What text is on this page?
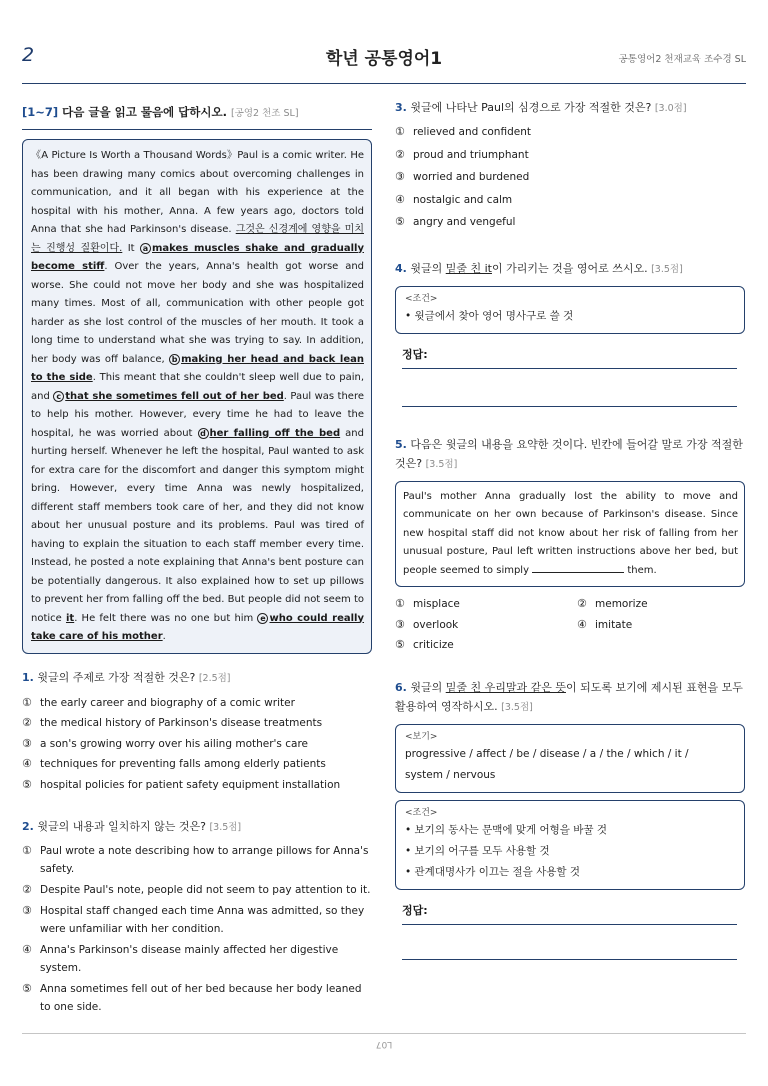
2	학년 공통영어1	공통영어2 천재교육 조수경 SL
[1~7] 다음 글을 읽고 물음에 답하시오. [공영2 천조 SL]
《A Picture Is Worth a Thousand Words》Paul is a comic writer. He has been drawing many comics about overcoming challenges in communication, and it all began with his experience at the hospital with his mother, Anna. A few years ago, doctors told Anna that she had Parkinson's disease. 그것은 신경계에 영향을 미치는 진행성 질환이다. It a makes muscles shake and gradually become stiff. Over the years, Anna's health got worse and worse. She could not move her body and she was hospitalized many times. Most of all, communication with other people got harder as she lost control of the muscles of her mouth. It took a long time to understand what she was trying to say. In addition, her body was off balance, b making her head and back lean to the side. This meant that she couldn't sleep well due to pain, and c that she sometimes fell out of her bed. Paul was there to help his mother. However, every time he had to leave the hospital, he was worried about d her falling off the bed and hurting herself. Whenever he left the hospital, Paul wanted to ask for extra care for the discomfort and danger this symptom might bring. However, every time Anna was newly hospitalized, different staff members took care of her, and they did not know about her unusual posture and its problems. Paul was tired of having to explain the situation to each staff member every time. Instead, he posted a note explaining that Anna's bent posture can be potentially dangerous. It also explained how to set up pillows to prevent her from falling off the bed. But people did not seem to notice it. He felt there was no one but him e who could really take care of his mother.
1. 윗글의 주제로 가장 적절한 것은? [2.5점]
① the early career and biography of a comic writer
② the medical history of Parkinson's disease treatments
③ a son's growing worry over his ailing mother's care
④ techniques for preventing falls among elderly patients
⑤ hospital policies for patient safety equipment installation
2. 윗글의 내용과 일치하지 않는 것은? [3.5점]
① Paul wrote a note describing how to arrange pillows for Anna's safety.
② Despite Paul's note, people did not seem to pay attention to it.
③ Hospital staff changed each time Anna was admitted, so they were unfamiliar with her condition.
④ Anna's Parkinson's disease mainly affected her digestive system.
⑤ Anna sometimes fell out of her bed because her body leaned to one side.
3. 윗글에 나타난 Paul의 심경으로 가장 적절한 것은? [3.0점]
① relieved and confident
② proud and triumphant
③ worried and burdened
④ nostalgic and calm
⑤ angry and vengeful
4. 윗글의 밑줄 친 it이 가리키는 것을 영어로 쓰시오. [3.5점]
<조건>
• 윗글에서 찾아 영어 명사구로 쓸 것
정답:
5. 다음은 윗글의 내용을 요약한 것이다. 빈칸에 들어갈 말로 가장 적절한 것은? [3.5점]
Paul's mother Anna gradually lost the ability to move and communicate on her own because of Parkinson's disease. Since new hospital staff did not know about her risk of falling from her unusual posture, Paul left written instructions above her bed, but people seemed to simply	them.
① misplace	② memorize
③ overlook	④ imitate
⑤ criticize
6. 윗글의 밑줄 친 우리말과 같은 뜻이 되도록 보기에 제시된 표현을 모두 활용하여 영작하시오. [3.5점]
<보기>
progressive / affect / be / disease / a / the / which / it /
system / nervous
<조건>
• 보기의 동사는 문맥에 맞게 어형을 바꿀 것
• 보기의 어구를 모두 사용할 것
• 관계대명사가 이끄는 절을 사용할 것
정답:
L07
